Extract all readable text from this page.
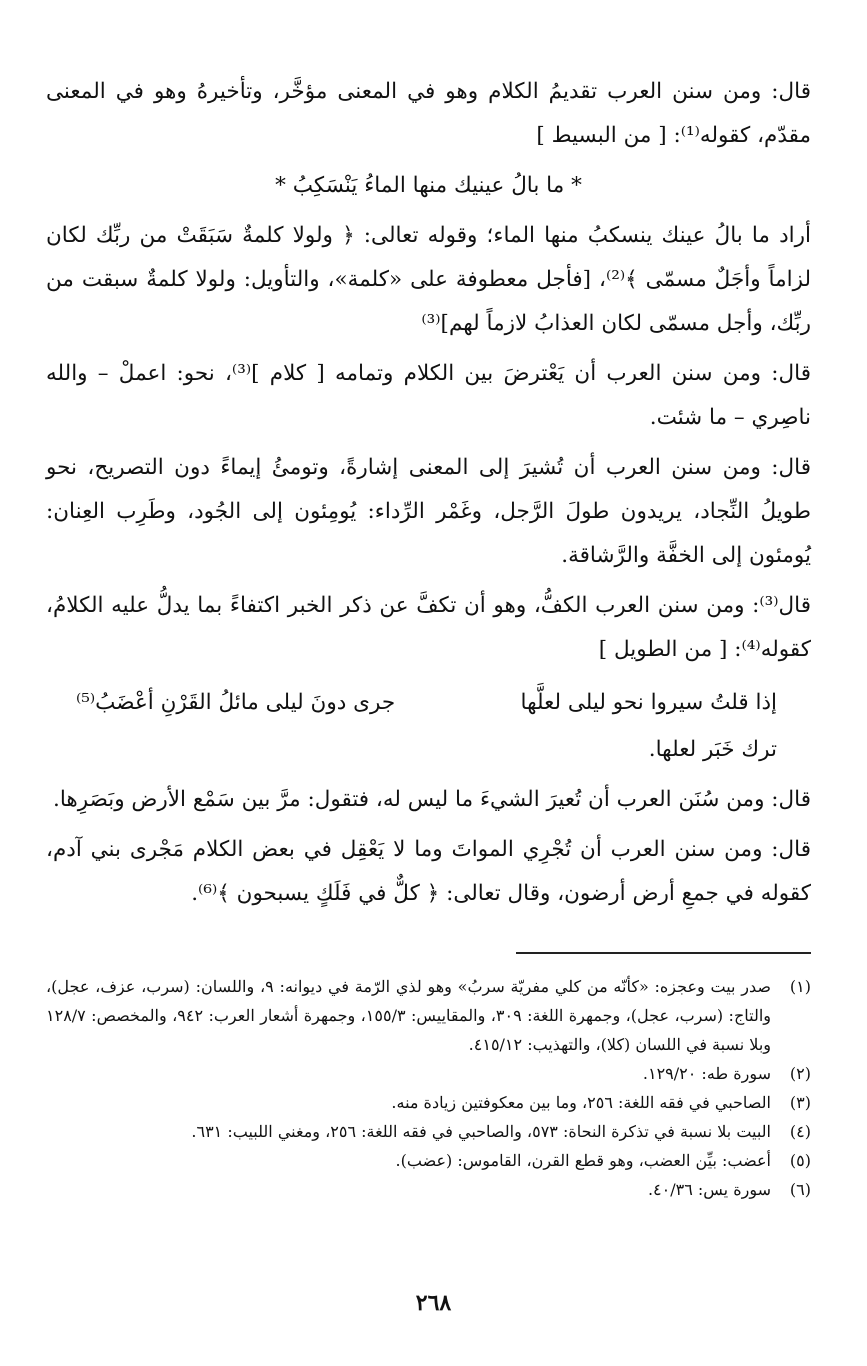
قال: ومن سنن العرب تقديمُ الكلام وهو في المعنى مؤخَّر، وتأخيرهُ وهو في المعنى مقدّم، كقوله⁽¹⁾: [ من البسيط ]

* ما بالُ عينيك منها الماءُ يَنْسَكِبُ *

أراد ما بالُ عينك ينسكبُ منها الماء؛ وقوله تعالى: ﴿ ولولا كلمةٌ سَبَقَتْ من ربِّك لكان لزاماً وأجَلٌ مسمّى ﴾⁽²⁾، [فأجل معطوفة على «كلمة»، والتأويل: ولولا كلمةٌ سبقت من ربِّك، وأجل مسمّى لكان العذابُ لازماً لهم]⁽³⁾

قال: ومن سنن العرب أن يَعْترضَ بين الكلام وتمامه [ كلام ]⁽³⁾، نحو: اعملْ – والله ناصِري – ما شئت.

قال: ومن سنن العرب أن تُشيرَ إلى المعنى إشارةً، وتومئُ إيماءً دون التصريح، نحو طويلُ النِّجاد، يريدون طولَ الرَّجل، وغَمْر الرِّداء: يُومِئون إلى الجُود، وطَرِب العِنان: يُومئون إلى الخفَّة والرَّشاقة.

قال⁽³⁾: ومن سنن العرب الكفُّ، وهو أن تكفَّ عن ذكر الخبر اكتفاءً بما يدلُّ عليه الكلامُ، كقوله⁽⁴⁾: [ من الطويل ]

إذا قلتُ سيروا نحو ليلى لعلَّها
جرى دونَ ليلى مائلُ القَرْنِ أعْضَبُ⁽⁵⁾
ترك خَبَر لعلها.

قال: ومن سُنَن العرب أن تُعيرَ الشيءَ ما ليس له، فتقول: مرَّ بين سَمْع الأرض وبَصَرِها.

قال: ومن سنن العرب أن تُجْرِي المواتَ وما لا يَعْقِل في بعض الكلام مَجْرى بني آدم، كقوله في جمعِ أرض أرضون، وقال تعالى: ﴿ كلٌّ في فَلَكٍ يسبحون ﴾⁽⁶⁾.

(١)
صدر بيت وعجزه: «كأنّه من كلي مفريّة سربُ» وهو لذي الرّمة في ديوانه: ٩، واللسان: (سرب، عزف، عجل)، والتاج: (سرب، عجل)، وجمهرة اللغة: ٣٠٩، والمقاييس: ١٥٥/٣، وجمهرة أشعار العرب: ٩٤٢، والمخصص: ١٢٨/٧ وبلا نسبة في اللسان (كلا)، والتهذيب: ٤١٥/١٢.
(٢)
سورة طه: ١٢٩/٢٠.
(٣)
الصاحبي في فقه اللغة: ٢٥٦، وما بين معكوفتين زيادة منه.
(٤)
البيت بلا نسبة في تذكرة النحاة: ٥٧٣، والصاحبي في فقه اللغة: ٢٥٦، ومغني اللبيب: ٦٣١.
(٥)
أعضب: بيِّن العضب، وهو قطع القرن، القاموس: (عضب).
(٦)
سورة يس: ٤٠/٣٦.
٢٦٨
